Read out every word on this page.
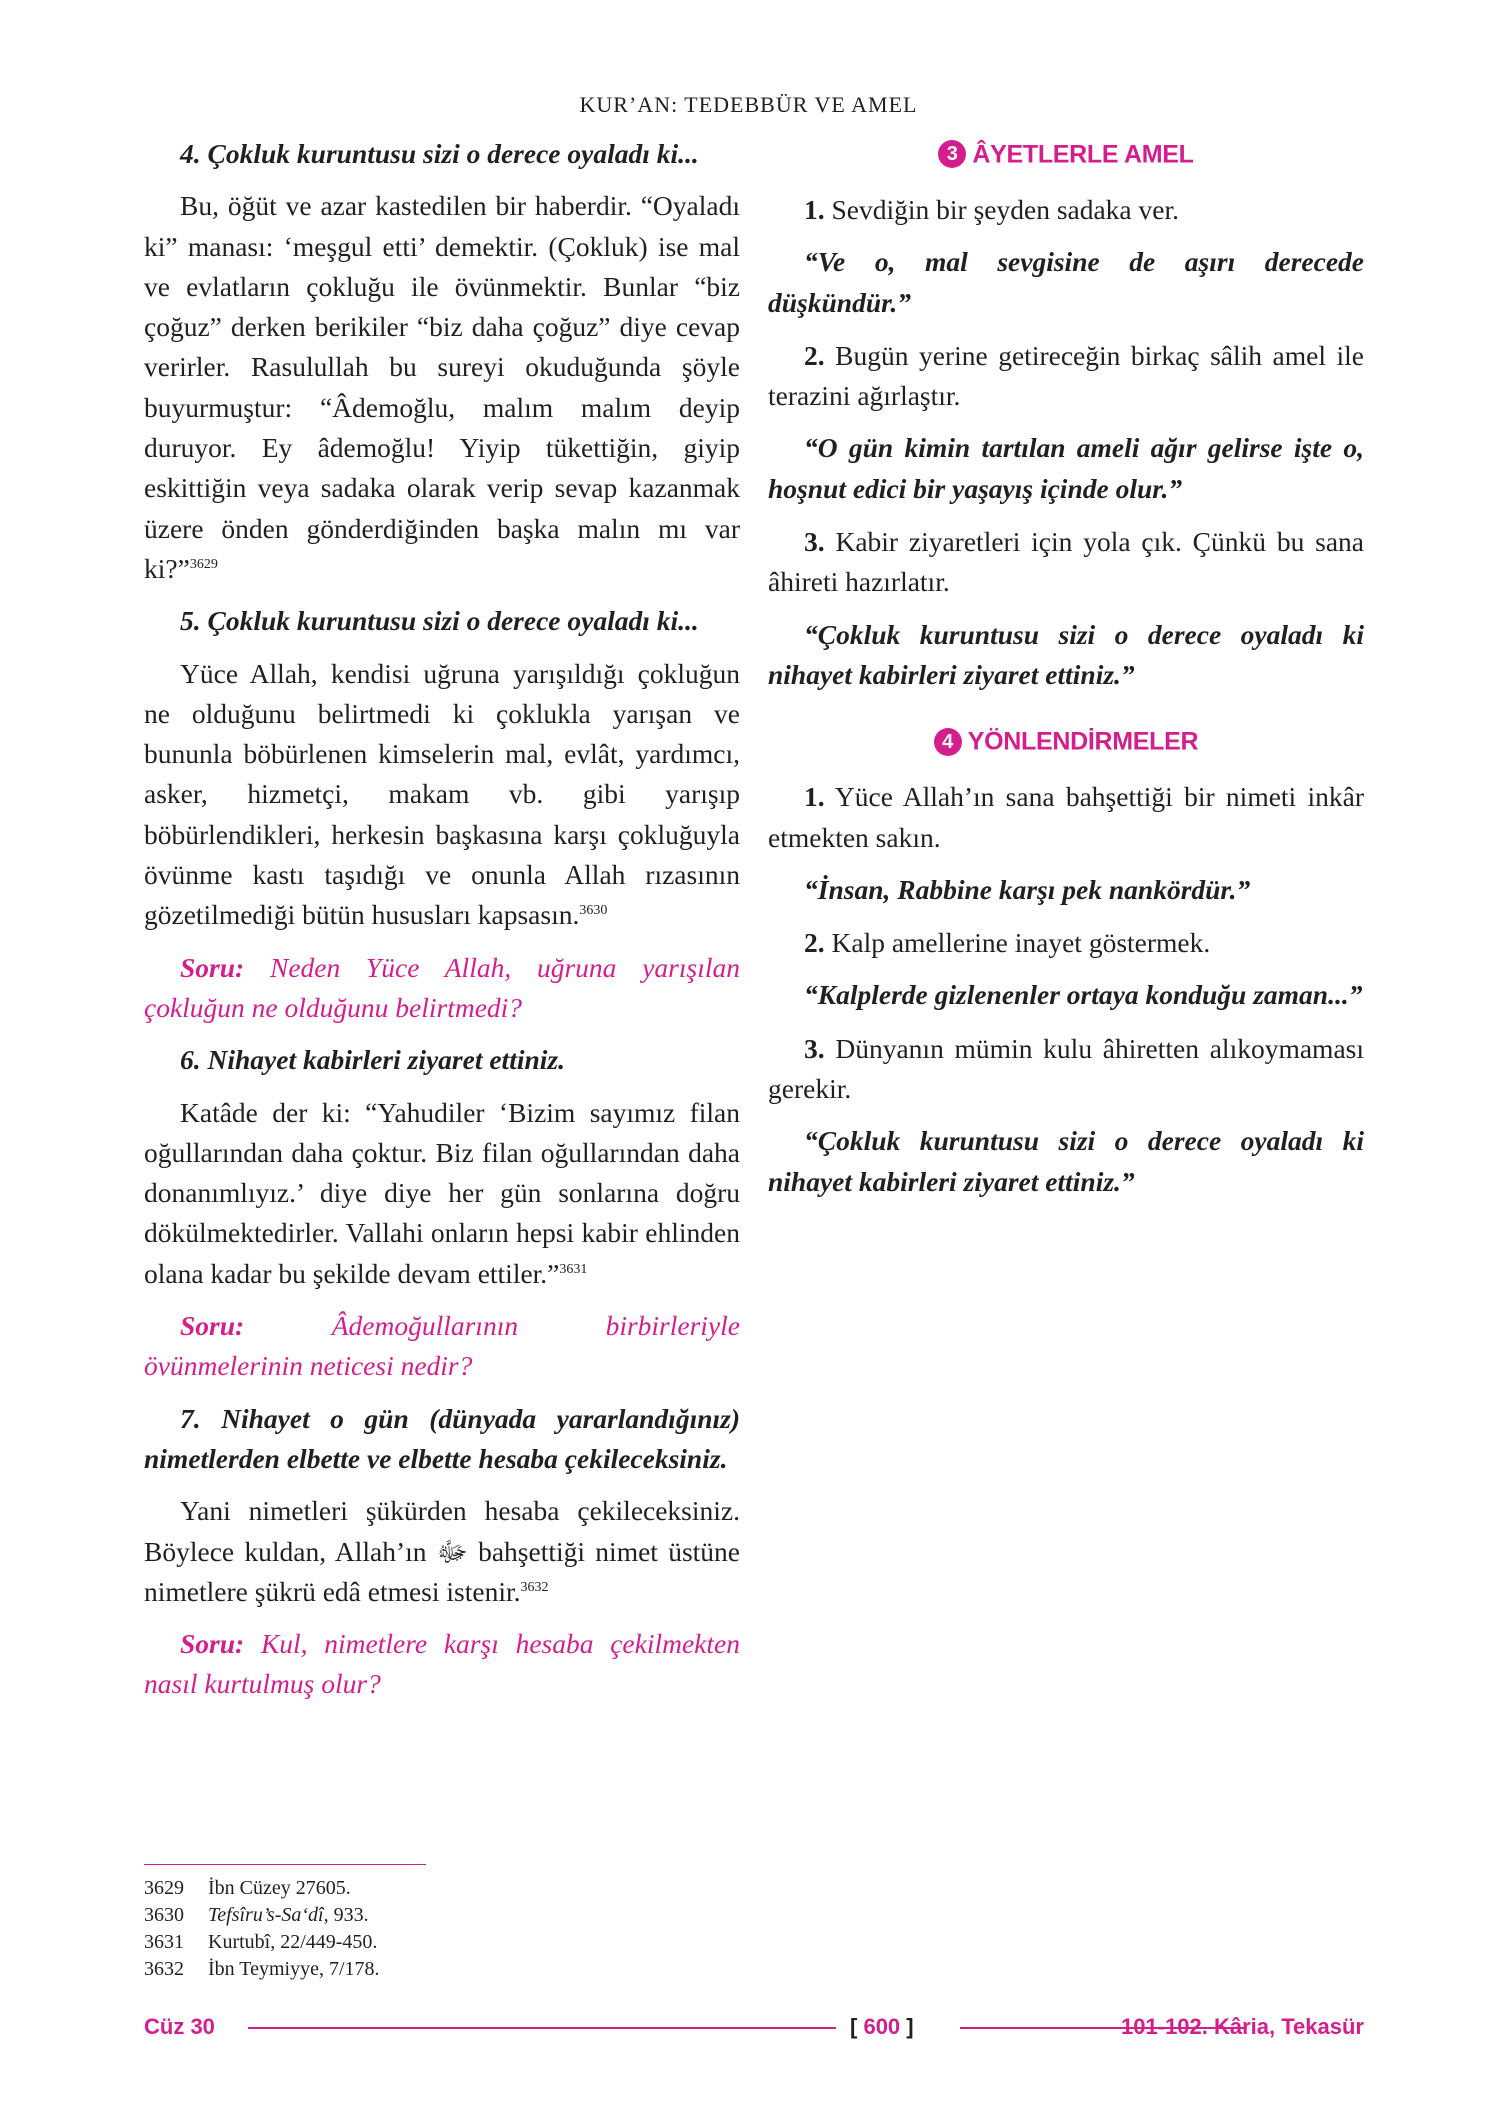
KUR’AN: TEDEBBÜR VE AMEL

4. Çokluk kuruntusu sizi o derece oyaladı ki...

Bu, öğüt ve azar kastedilen bir haberdir. “Oyaladı ki” manası: ‘meşgul etti’ demektir. (Çokluk) ise mal ve evlatların çokluğu ile övünmektir. Bunlar “biz çoğuz” derken berikiler “biz daha çoğuz” diye cevap verirler. Rasulullah bu sureyi okuduğunda şöyle buyurmuştur: “Âdemoğlu, malım malım deyip duruyor. Ey âdemoğlu! Yiyip tükettiğin, giyip eskittiğin veya sadaka olarak verip sevap kazanmak üzere önden gönderdiğinden başka malın mı var ki?”$^{3629}$

5. Çokluk kuruntusu sizi o derece oyaladı ki...

Yüce Allah, kendisi uğruna yarışıldığı çokluğun ne olduğunu belirtmedi ki çoklukla yarışan ve bununla böbürlenen kimselerin mal, evlât, yardımcı, asker, hizmetçi, makam vb. gibi yarışıp böbürlendikleri, herkesin başkasına karşı çokluğuyla övünme kastı taşıdığı ve onunla Allah rızasının gözetilmediği bütün hususları kapsasın.$^{3630}$

Soru: Neden Yüce Allah, uğruna yarışılan çokluğun ne olduğunu belirtmedi?

6. Nihayet kabirleri ziyaret ettiniz.

Katâde der ki: “Yahudiler ‘Bizim sayımız filan oğullarından daha çoktur. Biz filan oğullarından daha donanımlıyız.’ diye diye her gün sonlarına doğru dökülmektedirler. Vallahi onların hepsi kabir ehlinden olana kadar bu şekilde devam ettiler.”$^{3631}$

Soru:	Âdemoğullarının birbirleriyle övünmelerinin neticesi nedir?

7. Nihayet o gün (dünyada yararlandığınız) nimetlerden elbette ve elbette hesaba çekileceksiniz.

Yani nimetleri şükürden hesaba çekileceksiniz. Böylece kuldan, Allah’ın ﷻ bahşettiği nimet üstüne nimetlere şükrü edâ etmesi istenir.$^{3632}$

Soru: Kul, nimetlere karşı hesaba çekilmekten nasıl kurtulmuş olur?

3 ÂYETLERLE AMEL

1. Sevdiğin bir şeyden sadaka ver.

“Ve o, mal sevgisine de aşırı derecede düşkündür.”

2. Bugün yerine getireceğin birkaç sâlih amel ile terazini ağırlaştır.

“O gün kimin tartılan ameli ağır gelirse işte o, hoşnut edici bir yaşayış içinde olur.”

3. Kabir ziyaretleri için yola çık. Çünkü bu sana âhireti hazırlatır.

“Çokluk kuruntusu sizi o derece oyaladı ki nihayet kabirleri ziyaret ettiniz.”

4 YÖNLENDİRMELER

1. Yüce Allah’ın sana bahşettiği bir nimeti inkâr etmekten sakın.

“İnsan, Rabbine karşı pek nankördür.”

2. Kalp amellerine inayet göstermek.

“Kalplerde gizlenenler ortaya konduğu zaman...”

3. Dünyanın mümin kulu âhiretten alıkoymaması gerekir.

“Çokluk kuruntusu sizi o derece oyaladı ki nihayet kabirleri ziyaret ettiniz.”

3629	İbn Cüzey 27605.
3630	Tefsîru’s-Sa‘dî, 933.
3631	Kurtubî, 22/449-450.
3632	İbn Teymiyye, 7/178.
Cüz 30	[ 600 ]	101-102. Kâria, Tekasür
